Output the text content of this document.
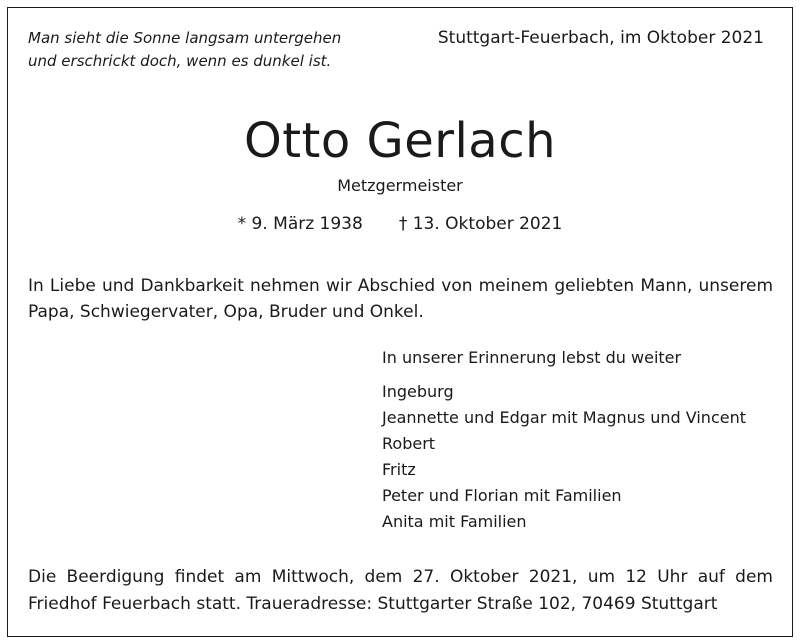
Man sieht die Sonne langsam untergehen
und erschrickt doch, wenn es dunkel ist.
Stuttgart-Feuerbach, im Oktober 2021
Otto Gerlach
Metzgermeister
* 9. März 1938 † 13. Oktober 2021
In Liebe und Dankbarkeit nehmen wir Abschied von meinem geliebten Mann, unserem Papa, Schwiegervater, Opa, Bruder und Onkel.
In unserer Erinnerung lebst du weiter
Ingeburg
Jeannette und Edgar mit Magnus und Vincent
Robert
Fritz
Peter und Florian mit Familien
Anita mit Familien
Die Beerdigung findet am Mittwoch, dem 27. Oktober 2021, um 12 Uhr auf dem Friedhof Feuerbach statt. Traueradresse: Stuttgarter Straße 102, 70469 Stuttgart
